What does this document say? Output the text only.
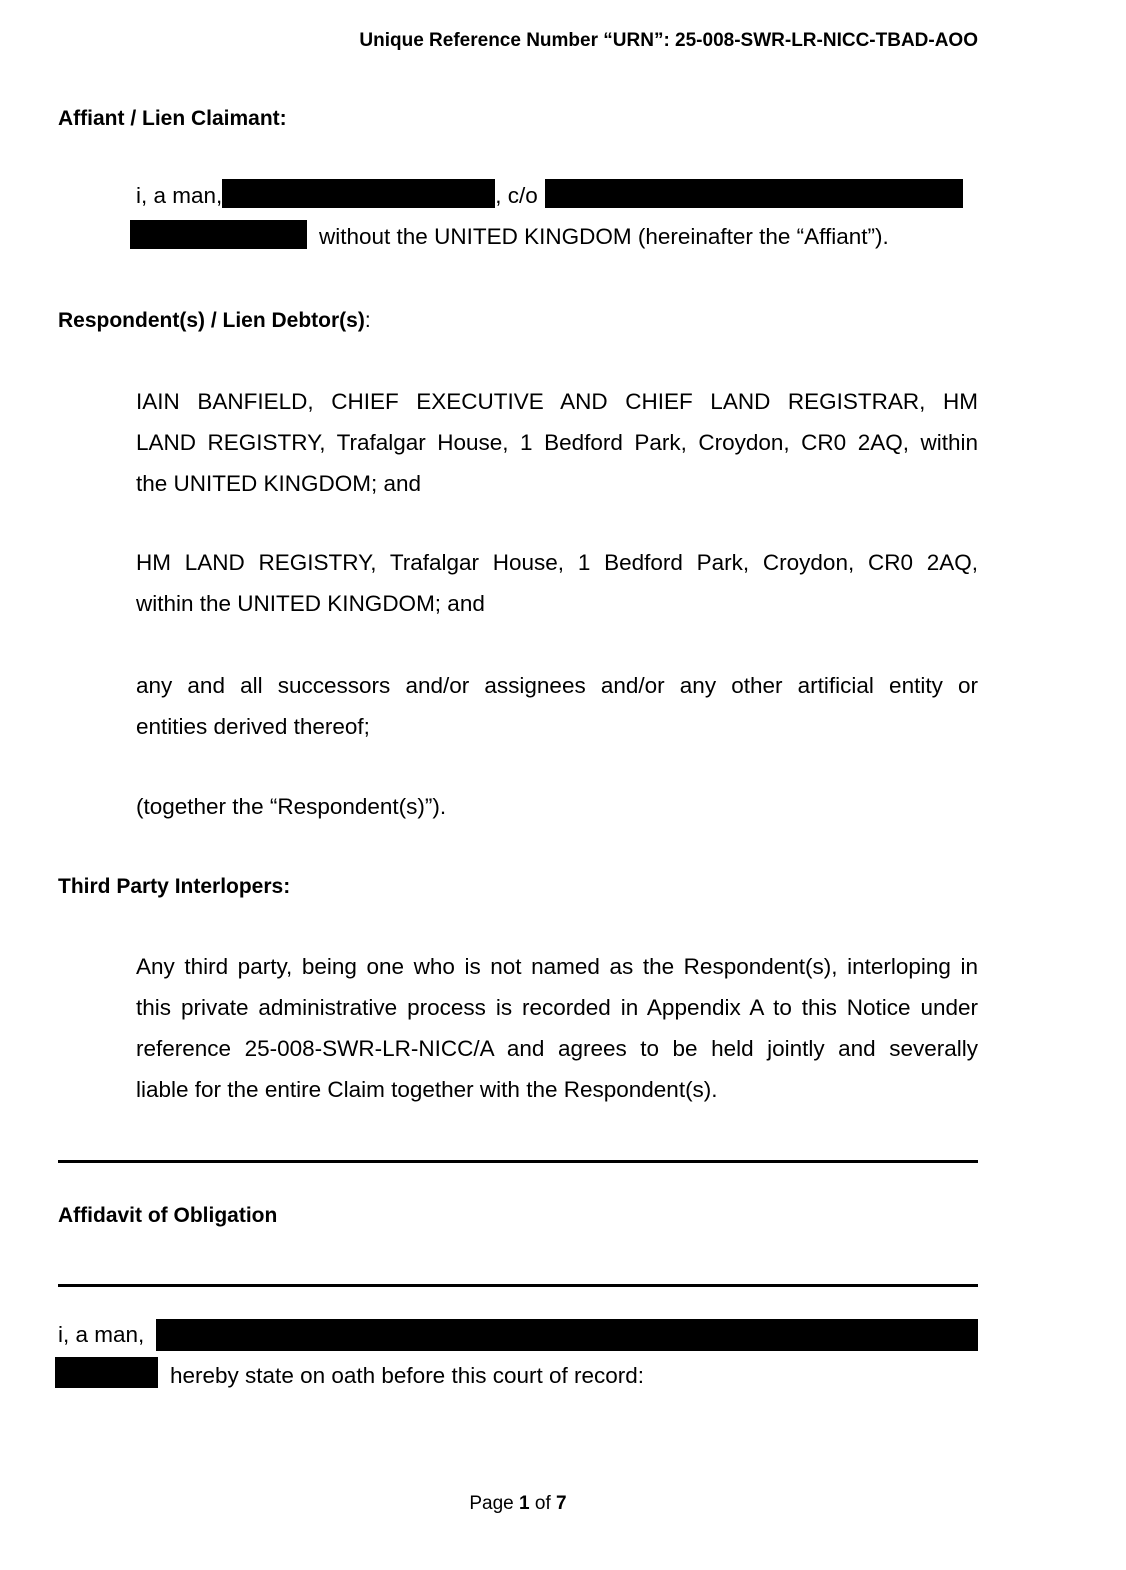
Unique Reference Number “URN”: 25-008-SWR-LR-NICC-TBAD-AOO
Affiant / Lien Claimant:
i, a man,	, c/o
without the UNITED KINGDOM (hereinafter the “Affiant”).
Respondent(s) / Lien Debtor(s):
IAIN BANFIELD, CHIEF EXECUTIVE AND CHIEF LAND REGISTRAR, HM
LAND REGISTRY, Trafalgar House, 1 Bedford Park, Croydon, CR0 2AQ, within
the UNITED KINGDOM; and
HM LAND REGISTRY, Trafalgar House, 1 Bedford Park, Croydon, CR0 2AQ,
within the UNITED KINGDOM; and
any and all successors and/or assignees and/or any other artificial entity or
entities derived thereof;
(together the “Respondent(s)”).
Third Party Interlopers:
Any third party, being one who is not named as the Respondent(s), interloping in
this private administrative process is recorded in Appendix A to this Notice under
reference 25-008-SWR-LR-NICC/A and agrees to be held jointly and severally
liable for the entire Claim together with the Respondent(s).
Affidavit of Obligation
i, a man,
hereby state on oath before this court of record:
Page 1 of 7
